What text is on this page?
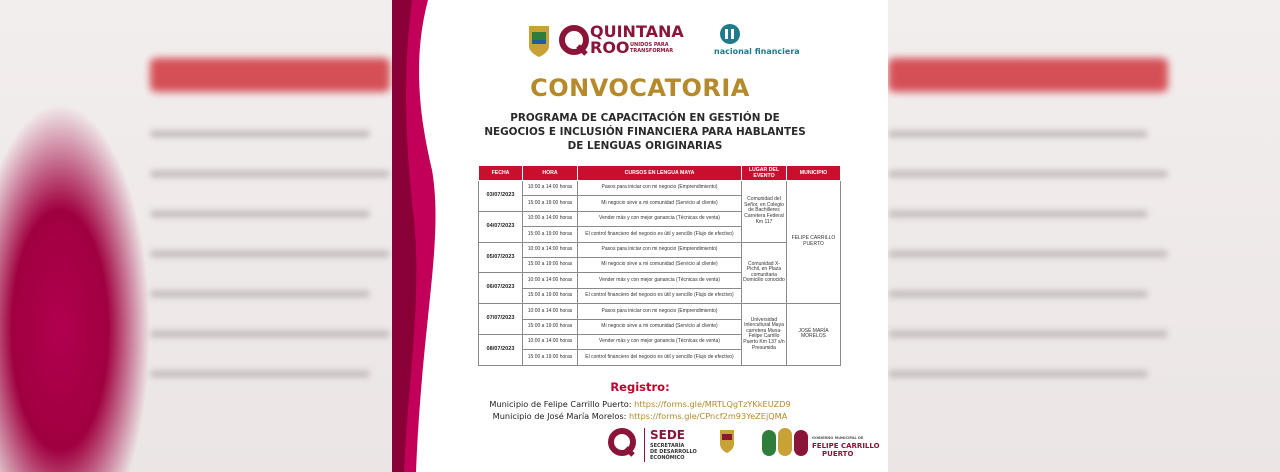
QUINTANA
ROO UNIDOS PARA
TRANSFORMAR	nacional financiera
CONVOCATORIA
PROGRAMA DE CAPACITACIÓN EN GESTIÓN DE
NEGOCIOS E INCLUSIÓN FINANCIERA PARA HABLANTES
DE LENGUAS ORIGINARIAS
FECHA	HORA	CURSOS EN LENGUA MAYA	LUGAR DEL EVENTO	MUNICIPIO
03/07/2023	10:00 a 14:00 horas	Pasos para iniciar con mi negocio (Emprendimiento)	Comunidad del Señor, en Colegio de Bachilleres Carretera Federal Km 117	FELIPE CARRILLO PUERTO
	15:00 a 19:00 horas	Mi negocio sirve a mi comunidad (Servicio al cliente)		
04/07/2023	10:00 a 14:00 horas	Vender más y con mejor ganancia (Técnicas de venta)		
	15:00 a 19:00 horas	El control financiero del negocio es útil y sencillo (Flujo de efectivo)		
05/07/2023	10:00 a 14:00 horas	Pasos para iniciar con mi negocio (Emprendimiento)	Comunidad X-Pichil, en Plaza comunitaria Domicilio conocido	
	15:00 a 19:00 horas	Mi negocio sirve a mi comunidad (Servicio al cliente)		
06/07/2023	10:00 a 14:00 horas	Vender más y con mejor ganancia (Técnicas de venta)		
	15:00 a 19:00 horas	El control financiero del negocio es útil y sencillo (Flujo de efectivo)		
07/07/2023	10:00 a 14:00 horas	Pasos para iniciar con mi negocio (Emprendimiento)	Universidad Intercultural Maya carretera Muna-Felipe Carrillo Puerto Km 137 s/n Presumida	JOSÉ MARÍA MORELOS
	15:00 a 19:00 horas	Mi negocio sirve a mi comunidad (Servicio al cliente)		
08/07/2023	10:00 a 14:00 horas	Vender más y con mejor ganancia (Técnicas de venta)		
	15:00 a 19:00 horas	El control financiero del negocio es útil y sencillo (Flujo de efectivo)		
Registro:
Municipio de Felipe Carrillo Puerto: https://forms.gle/MRTLQgTzYKkEUZD9
Municipio de José María Morelos: https://forms.gle/CPncf2m93YeZEjQMA
SEDE
SECRETARÍA
DE DESARROLLO
ECONÓMICO
GOBIERNO MUNICIPAL DE
FELIPE CARRILLO
PUERTO
